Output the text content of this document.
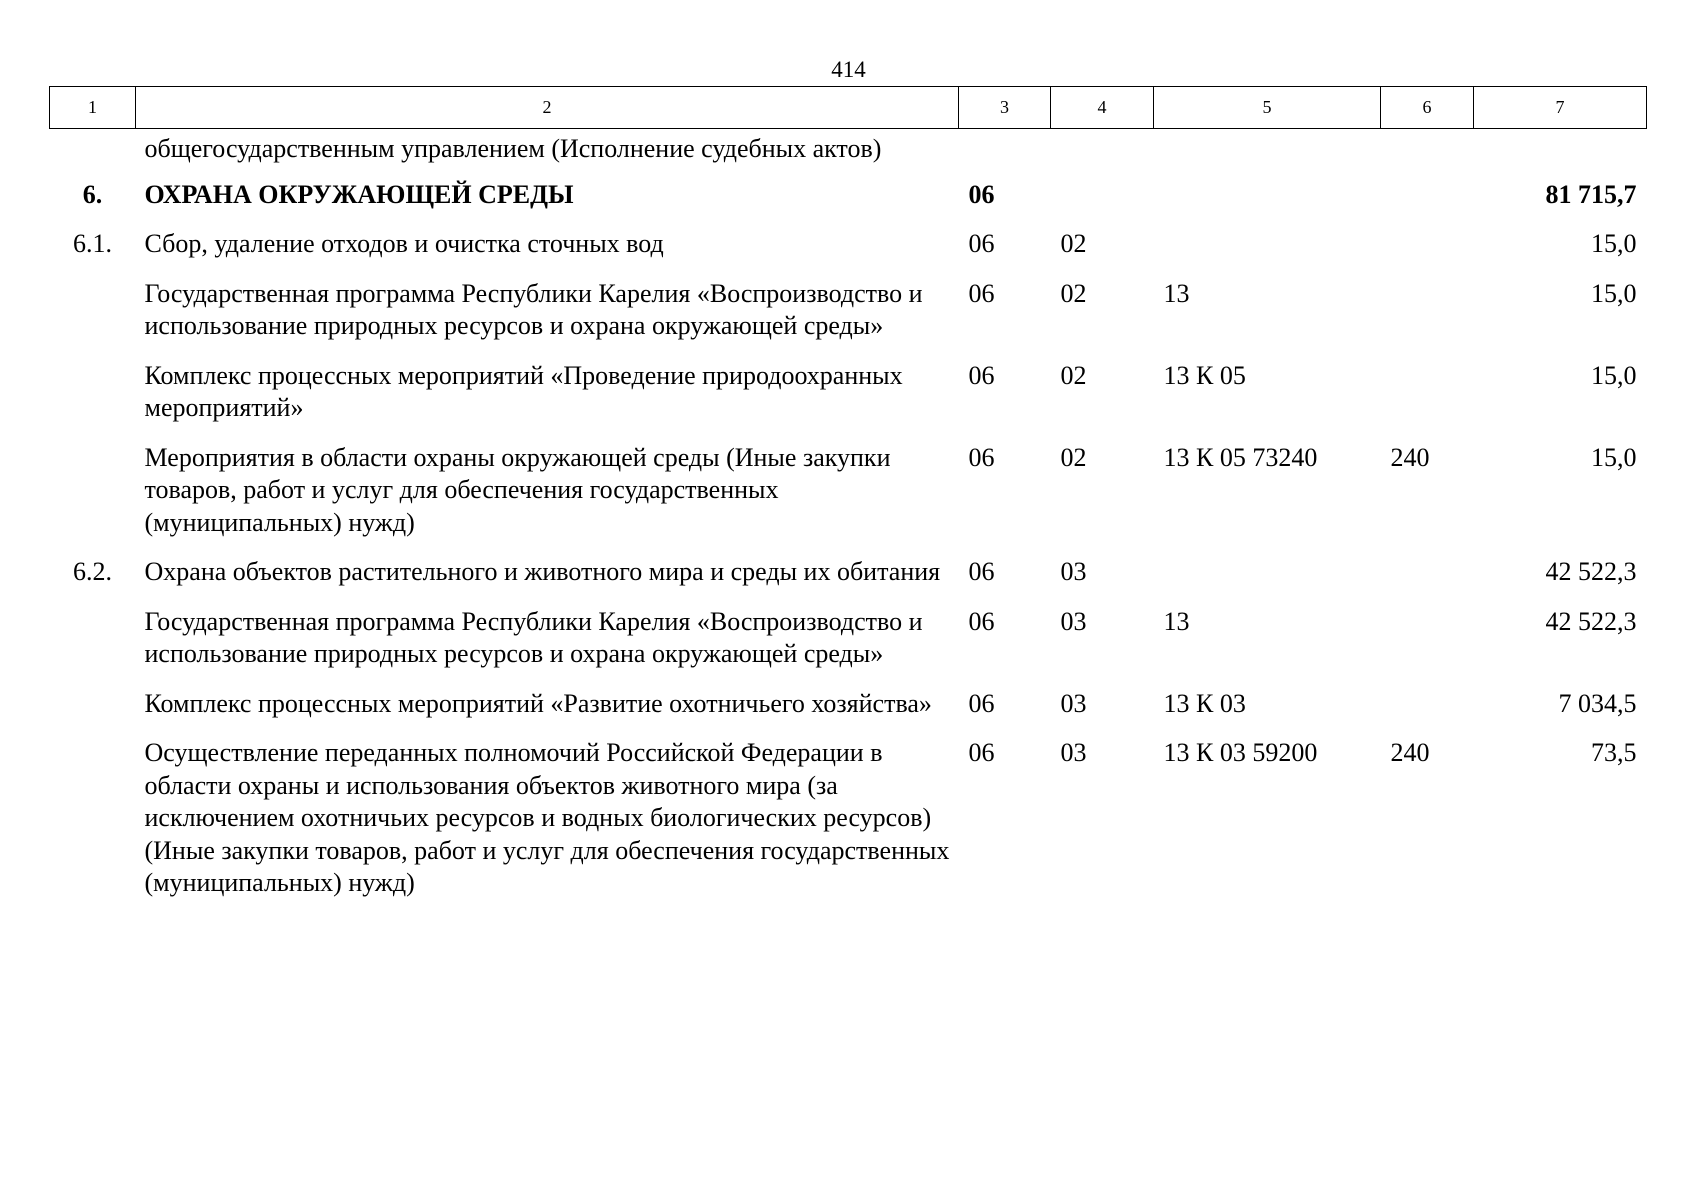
414
1	2	3	4	5	6	7
	общегосударственным управлением (Исполнение судебных актов)					
6.	ОХРАНА ОКРУЖАЮЩЕЙ СРЕДЫ	06				81 715,7
6.1.	Сбор, удаление отходов и очистка сточных вод	06	02			15,0
	Государственная программа Республики Карелия «Воспроизводство и использование природных ресурсов и охрана окружающей среды»	06	02	13		15,0
	Комплекс процессных мероприятий «Проведение природоохранных мероприятий»	06	02	13 К 05		15,0
	Мероприятия в области охраны окружающей среды (Иные закупки товаров, работ и услуг для обеспечения государственных (муниципальных) нужд)	06	02	13 К 05 73240	240	15,0
6.2.	Охрана объектов растительного и животного мира и среды их обитания	06	03			42 522,3
	Государственная программа Республики Карелия «Воспроизводство и использование природных ресурсов и охрана окружающей среды»	06	03	13		42 522,3
	Комплекс процессных мероприятий «Развитие охотничьего хозяйства»	06	03	13 К 03		7 034,5
	Осуществление переданных полномочий Российской Федерации в области охраны и использования объектов животного мира (за исключением охотничьих ресурсов и водных биологических ресурсов) (Иные закупки товаров, работ и услуг для обеспечения государственных (муниципальных) нужд)	06	03	13 К 03 59200	240	73,5
